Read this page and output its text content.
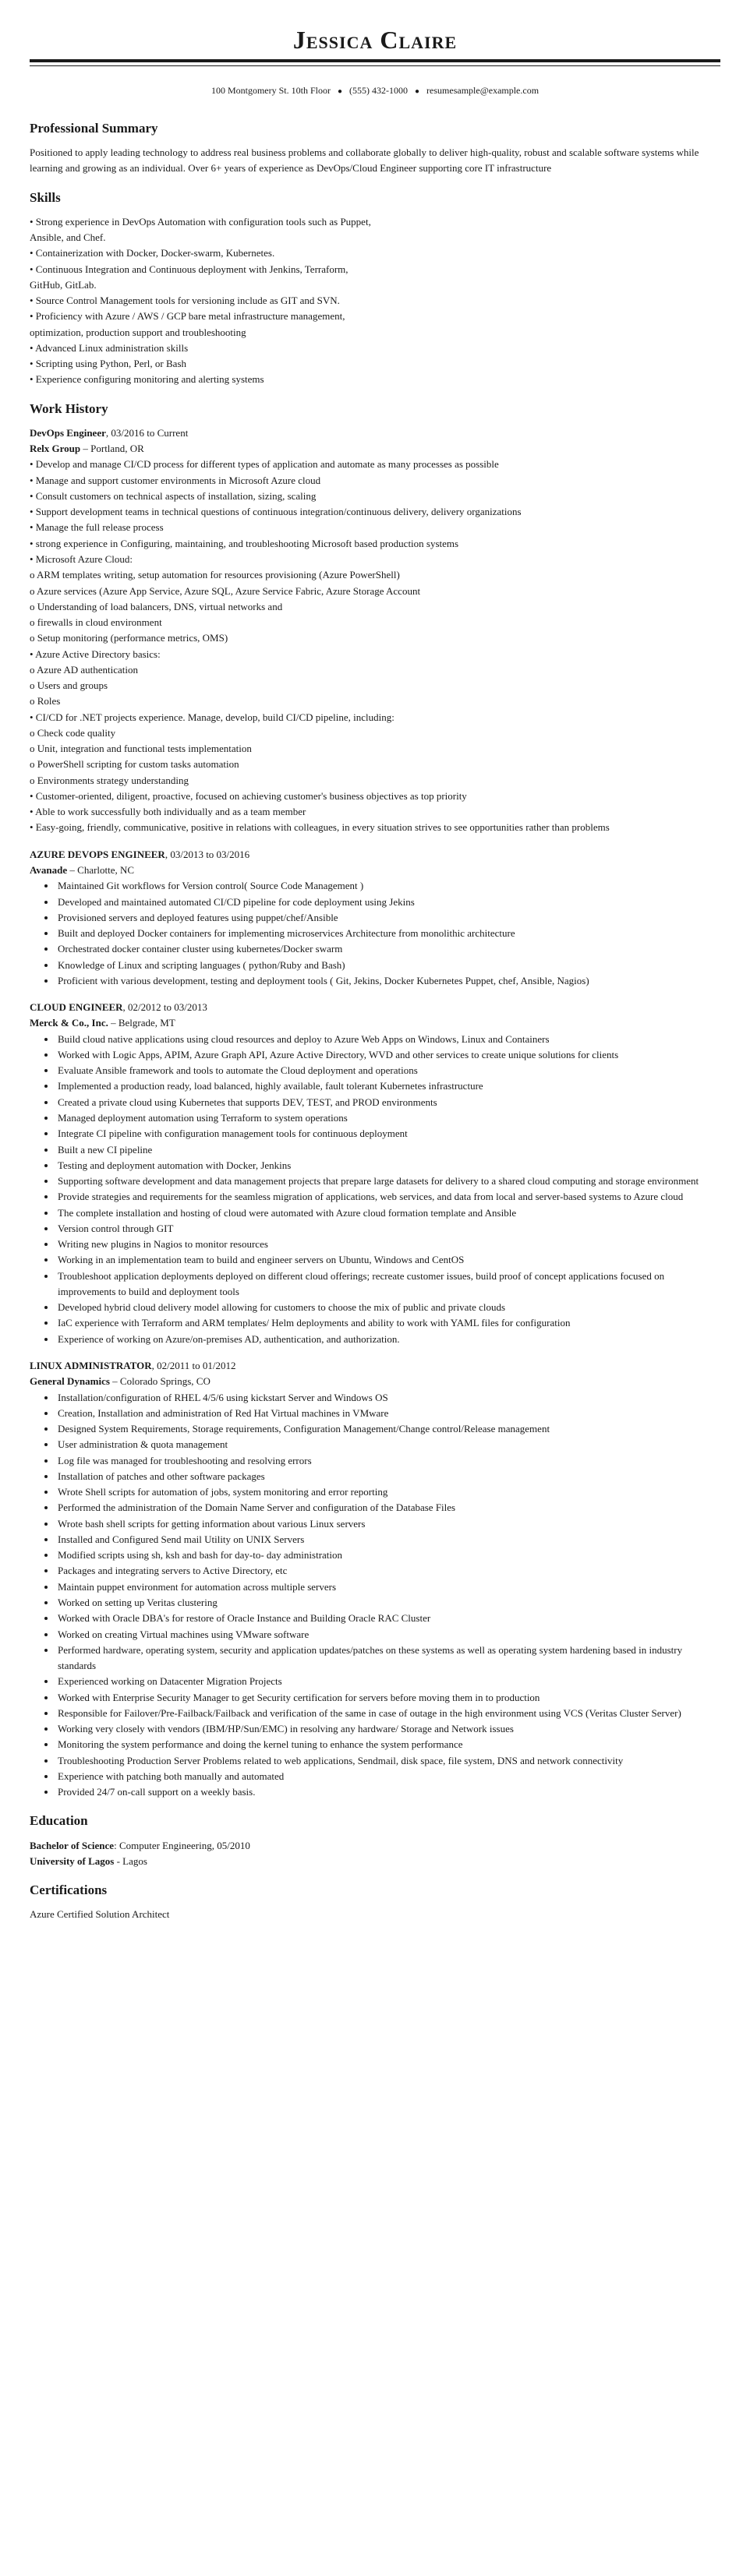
Jessica Claire
100 Montgomery St. 10th Floor ● (555) 432-1000 ● resumesample@example.com
Professional Summary

Positioned to apply leading technology to address real business problems and collaborate globally to deliver high-quality, robust and scalable software systems while learning and growing as an individual. Over 6+ years of experience as DevOps/Cloud Engineer supporting core IT infrastructure

Skills
• Strong experience in DevOps Automation with configuration tools such as Puppet, Ansible, and Chef.
• Containerization with Docker, Docker-swarm, Kubernetes.
• Continuous Integration and Continuous deployment with Jenkins, Terraform, GitHub, GitLab.
• Source Control Management tools for versioning include as GIT and SVN.
• Proficiency with Azure / AWS / GCP bare metal infrastructure management, optimization, production support and troubleshooting
• Advanced Linux administration skills
• Scripting using Python, Perl, or Bash
• Experience configuring monitoring and alerting systems
Work History

DevOps Engineer, 03/2016 to Current

Relx Group – Portland, OR

• Develop and manage CI/CD process for different types of application and automate as many processes as possible
• Manage and support customer environments in Microsoft Azure cloud
• Consult customers on technical aspects of installation, sizing, scaling
• Support development teams in technical questions of continuous integration/continuous delivery, delivery organizations
• Manage the full release process
• strong experience in Configuring, maintaining, and troubleshooting Microsoft based production systems
• Microsoft Azure Cloud:
o ARM templates writing, setup automation for resources provisioning (Azure PowerShell)
o Azure services (Azure App Service, Azure SQL, Azure Service Fabric, Azure Storage Account
o Understanding of load balancers, DNS, virtual networks and
o firewalls in cloud environment
o Setup monitoring (performance metrics, OMS)
• Azure Active Directory basics:
o Azure AD authentication
o Users and groups
o Roles
• CI/CD for .NET projects experience. Manage, develop, build CI/CD pipeline, including:
o Check code quality
o Unit, integration and functional tests implementation
o PowerShell scripting for custom tasks automation
o Environments strategy understanding
• Customer-oriented, diligent, proactive, focused on achieving customer's business objectives as top priority
• Able to work successfully both individually and as a team member
• Easy-going, friendly, communicative, positive in relations with colleagues, in every situation strives to see opportunities rather than problems

AZURE DEVOPS ENGINEER, 03/2013 to 03/2016

Avanade – Charlotte, NC

• Maintained Git workflows for Version control( Source Code Management )
• Developed and maintained automated CI/CD pipeline for code deployment using Jekins
• Provisioned servers and deployed features using puppet/chef/Ansible
• Built and deployed Docker containers for implementing microservices Architecture from monolithic architecture
• Orchestrated docker container cluster using kubernetes/Docker swarm
• Knowledge of Linux and scripting languages ( python/Ruby and Bash)
• Proficient with various development, testing and deployment tools ( Git, Jekins, Docker Kubernetes Puppet, chef, Ansible, Nagios)

CLOUD ENGINEER, 02/2012 to 03/2013

Merck & Co., Inc. – Belgrade, MT

• Build cloud native applications using cloud resources and deploy to Azure Web Apps on Windows, Linux and Containers
• Worked with Logic Apps, APIM, Azure Graph API, Azure Active Directory, WVD and other services to create unique solutions for clients
• Evaluate Ansible framework and tools to automate the Cloud deployment and operations
• Implemented a production ready, load balanced, highly available, fault tolerant Kubernetes infrastructure
• Created a private cloud using Kubernetes that supports DEV, TEST, and PROD environments
• Managed deployment automation using Terraform to system operations
• Integrate CI pipeline with configuration management tools for continuous deployment
• Built a new CI pipeline
• Testing and deployment automation with Docker, Jenkins
• Supporting software development and data management projects that prepare large datasets for delivery to a shared cloud computing and storage environment
• Provide strategies and requirements for the seamless migration of applications, web services, and data from local and server-based systems to Azure cloud
• The complete installation and hosting of cloud were automated with Azure cloud formation template and Ansible
• Version control through GIT
• Writing new plugins in Nagios to monitor resources
• Working in an implementation team to build and engineer servers on Ubuntu, Windows and CentOS
• Troubleshoot application deployments deployed on different cloud offerings; recreate customer issues, build proof of concept applications focused on improvements to build and deployment tools
• Developed hybrid cloud delivery model allowing for customers to choose the mix of public and private clouds
• IaC experience with Terraform and ARM templates/ Helm deployments and ability to work with YAML files for configuration
• Experience of working on Azure/on-premises AD, authentication, and authorization.

LINUX ADMINISTRATOR, 02/2011 to 01/2012

General Dynamics – Colorado Springs, CO

• Installation/configuration of RHEL 4/5/6 using kickstart Server and Windows OS
• Creation, Installation and administration of Red Hat Virtual machines in VMware
• Designed System Requirements, Storage requirements, Configuration Management/Change control/Release management
• User administration & quota management
• Log file was managed for troubleshooting and resolving errors
• Installation of patches and other software packages
• Wrote Shell scripts for automation of jobs, system monitoring and error reporting
• Performed the administration of the Domain Name Server and configuration of the Database Files
• Wrote bash shell scripts for getting information about various Linux servers
• Installed and Configured Send mail Utility on UNIX Servers
• Modified scripts using sh, ksh and bash for day-to- day administration
• Packages and integrating servers to Active Directory, etc
• Maintain puppet environment for automation across multiple servers
• Worked on setting up Veritas clustering
• Worked with Oracle DBA's for restore of Oracle Instance and Building Oracle RAC Cluster
• Worked on creating Virtual machines using VMware software
• Performed hardware, operating system, security and application updates/patches on these systems as well as operating system hardening based in industry standards
• Experienced working on Datacenter Migration Projects
• Worked with Enterprise Security Manager to get Security certification for servers before moving them in to production
• Responsible for Failover/Pre-Failback/Failback and verification of the same in case of outage in the high environment using VCS (Veritas Cluster Server)
• Working very closely with vendors (IBM/HP/Sun/EMC) in resolving any hardware/ Storage and Network issues
• Monitoring the system performance and doing the kernel tuning to enhance the system performance
• Troubleshooting Production Server Problems related to web applications, Sendmail, disk space, file system, DNS and network connectivity
• Experience with patching both manually and automated
• Provided 24/7 on-call support on a weekly basis.
Education

Bachelor of Science: Computer Engineering, 05/2010

University of Lagos - Lagos

Certifications

Azure Certified Solution Architect
